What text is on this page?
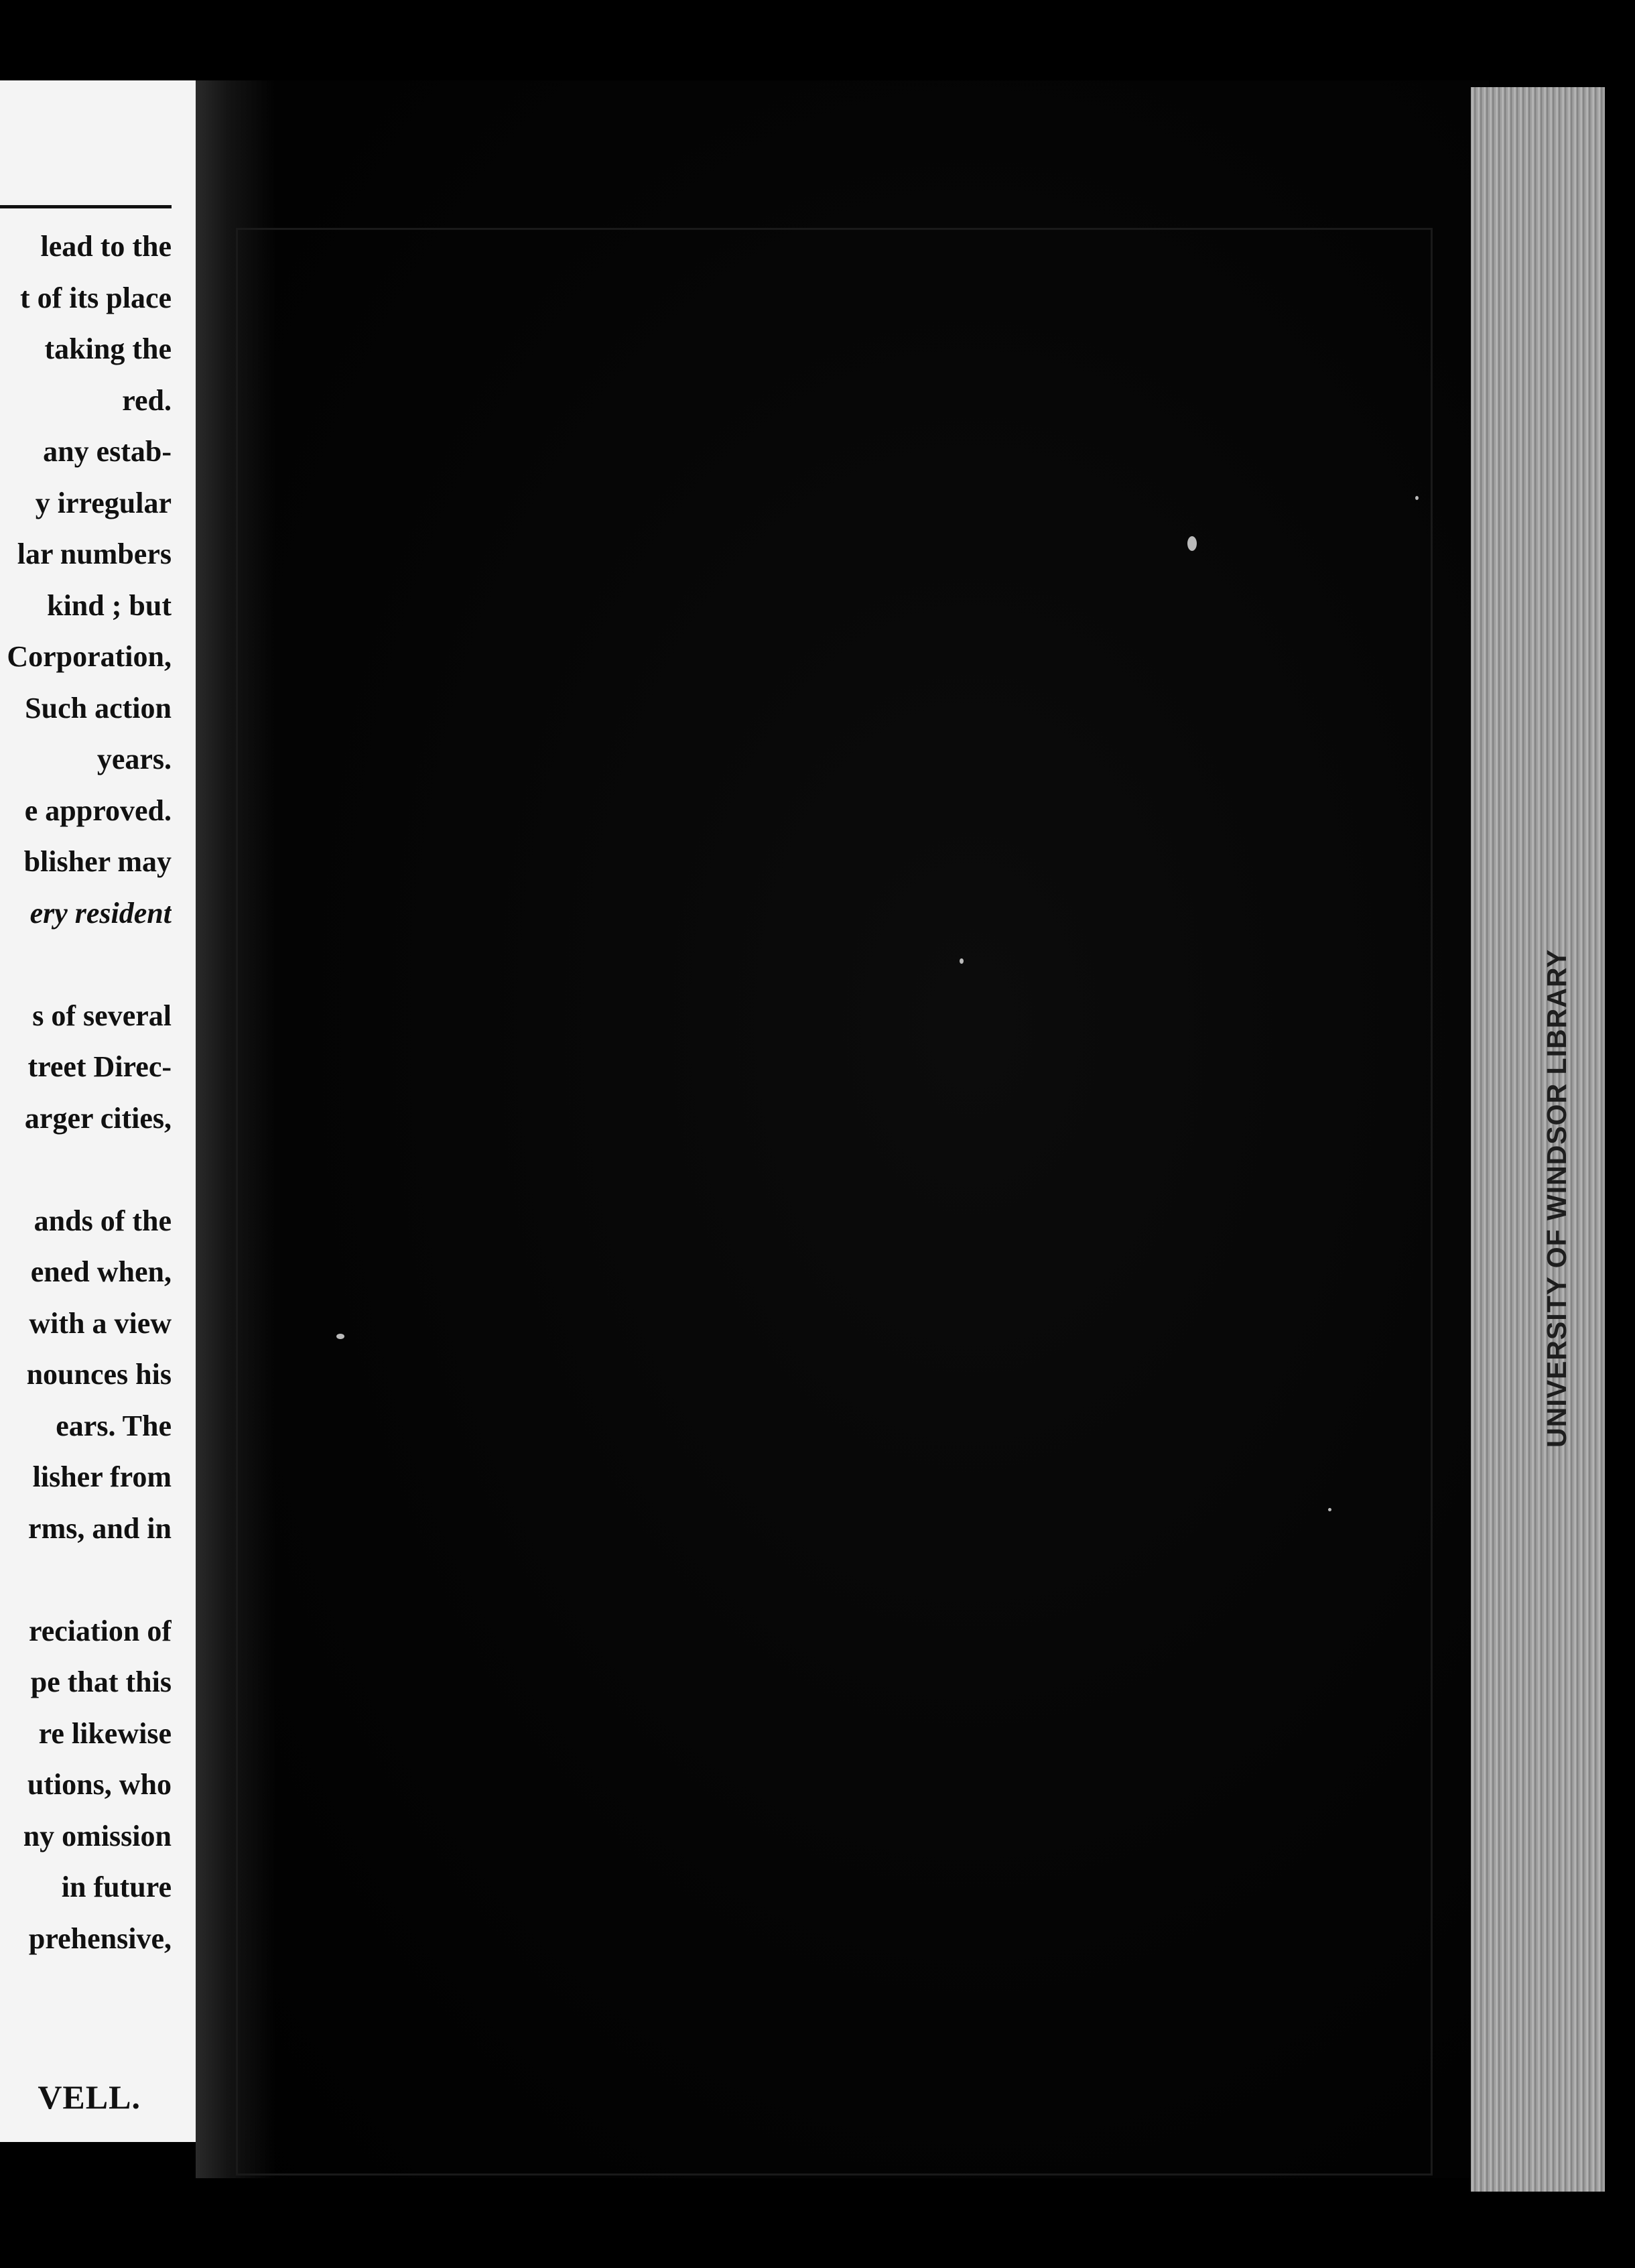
lead to the
t of its place
taking the
red.
any estab-
y irregular
lar numbers
kind ; but
Corporation,
Such action
years.
e approved.
blisher may
ery resident
s of several
treet Direc-
arger cities,
ands of the
ened when,
with a view
nounces his
ears. The
lisher from
rms, and in
reciation of
pe that this
re likewise
utions, who
ny omission
in future
prehensive,
VELL.
UNIVERSITY OF WINDSOR LIBRARY
